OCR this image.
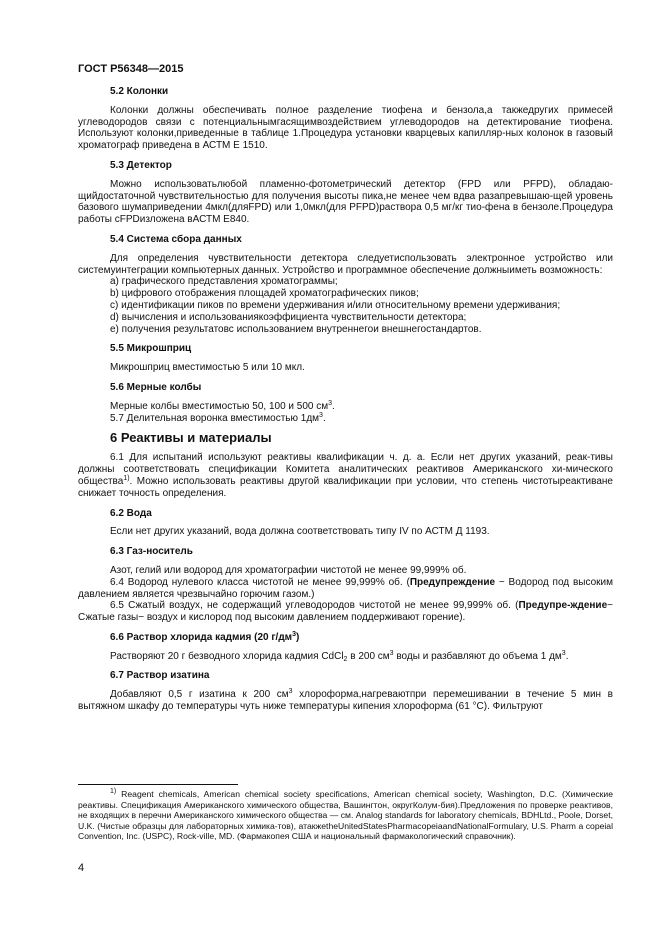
ГОСТ Р56348—2015
5.2 Колонки

Колонки должны обеспечивать полное разделение тиофена и бензола,а такжедругих примесей углеводородов связи с потенциальнымгасящимвоздействием углеводородов на детектирование тиофена. Используют колонки,приведенные в таблице 1.Процедура установки кварцевых капилляр-ных колонок в газовый хроматограф приведена в АСТМ Е 1510.

5.3 Детектор

Можно использоватьлюбой пламенно-фотометрический детектор (FPD или PFPD), обладаю-щийдостаточной чувствительностью для получения высоты пика,не менее чем вдва разапревышаю-щей уровень базового шумаприведении 4мкл(дляFPD) или 1,0мкл(для PFPD)раствора 0,5 мг/кг тио-фена в бензоле.Процедура работы сFPDизложена вАСТМ Е840.

5.4 Система сбора данных

Для определения чувствительности детектора следуетиспользовать электронное устройство или системуинтеграции компьютерных данных. Устройство и программное обеспечение должныиметь возможность:

а) графического представления хроматограммы;
b) цифрового отображения площадей хроматографических пиков;
с) идентификации пиков по времени удерживания и/или относительному времени удерживания;
d) вычисления и использованиякоэффициента чувствительности детектора;
е) получения результатовс использованием внутреннегои внешнегостандартов.
5.5 Микрошприц

Микрошприц вместимостью 5 или 10 мкл.

5.6 Мерные колбы

Мерные колбы вместимостью 50, 100 и 500 $см^3$.

5.7 Делительная воронка вместимостью $1дм^3$.

6 Реактивы и материалы

6.1 Для испытаний используют реактивы квалификации ч. д. а. Если нет других указаний, реак-тивы должны соответствовать спецификации Комитета аналитических реактивов Американского хи-мического общества$^{1)}$. Можно использовать реактивы другой квалификации при условии, что степень чистотыреактиване снижает точность определения.

6.2 Вода

Если нет других указаний, вода должна соответствовать типу IV по АСТМ Д 1193.

6.3 Газ-носитель

Азот, гелий или водород для хроматографии чистотой не менее 99,999% об.

6.4 Водород нулевого класса чистотой не менее 99,999% об. (Предупреждение − Водород под высоким давлением является чрезвычайно горючим газом.)

6.5 Сжатый воздух, не содержащий углеводородов чистотой не менее 99,999% об. (Предупре-ждение− Сжатые газы− воздух и кислород под высоким давлением поддерживают горение).

6.6 Раствор хлорида кадмия (20 $г/дм^3$)

Растворяют 20 г безводного хлорида кадмия CdCl$_2$ в 200 $см^3$ воды и разбавляют до объема 1 $дм^3$.

6.7 Раствор изатина

Добавляют 0,5 г изатина к 200 $см^3$ хлороформа,нагреваютпри перемешивании в течение 5 мин в вытяжном шкафу до температуры чуть ниже температуры кипения хлороформа (61 °С). Фильтруют

$^{1)}$ Reagent chemicals, American chemical society specifications, American chemical society, Washington, D.C. (Химические реактивы. Спецификация Американского химического общества, Вашингтон, округКолум-бия).Предложения по проверке реактивов, не входящих в перечни Американского химического общества — см. Analog standards for laboratory chemicals, BDHLtd., Poole, Dorset, U.K. (Чистые образцы для лабораторных химика-тов), атакжеtheUnitedStatesPharmacopeiaandNationalFormulary, U.S. Pharm a copeial Convention, Inc. (USPC), Rock-ville, MD. (Фармакопея США и национальный фармакологический справочник).

4
